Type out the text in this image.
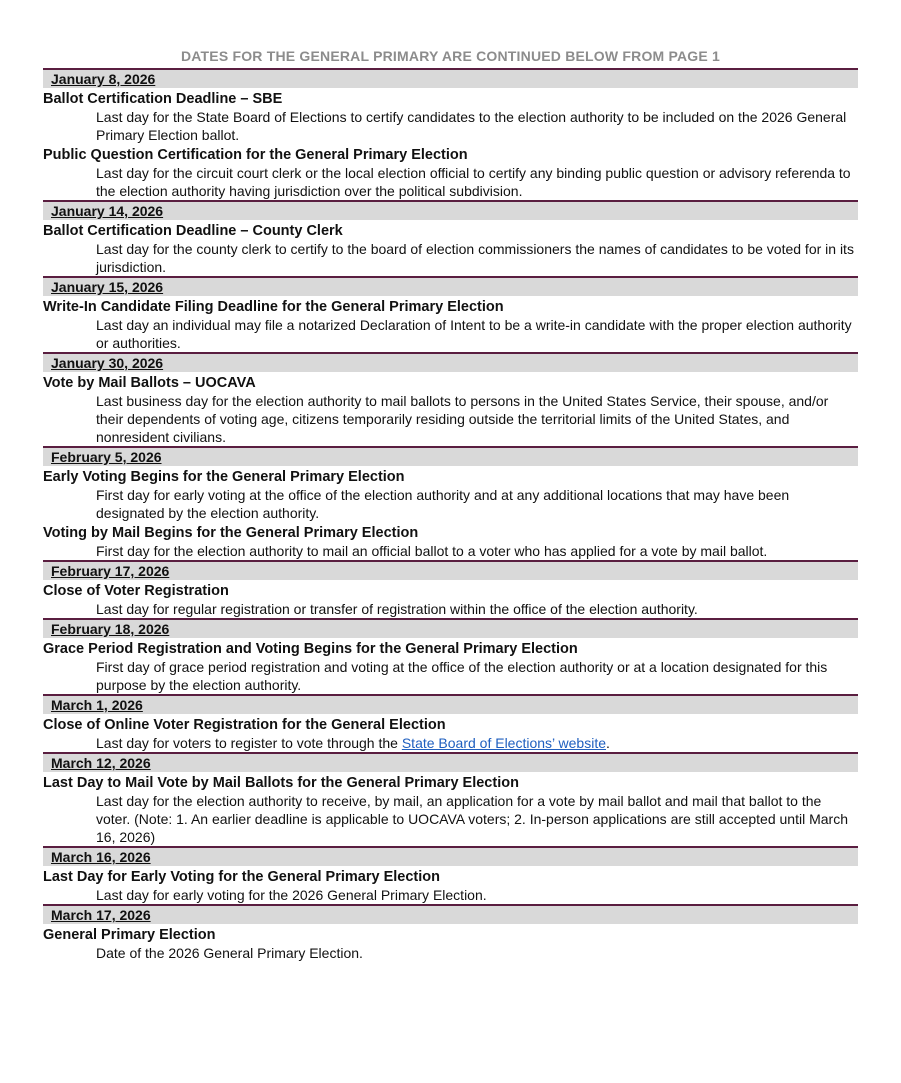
DATES FOR THE GENERAL PRIMARY ARE CONTINUED BELOW FROM PAGE 1
January 8, 2026
Ballot Certification Deadline – SBE
Last day for the State Board of Elections to certify candidates to the election authority to be included on the 2026 General Primary Election ballot.
Public Question Certification for the General Primary Election
Last day for the circuit court clerk or the local election official to certify any binding public question or advisory referenda to the election authority having jurisdiction over the political subdivision.
January 14, 2026
Ballot Certification Deadline – County Clerk
Last day for the county clerk to certify to the board of election commissioners the names of candidates to be voted for in its jurisdiction.
January 15, 2026
Write-In Candidate Filing Deadline for the General Primary Election
Last day an individual may file a notarized Declaration of Intent to be a write-in candidate with the proper election authority or authorities.
January 30, 2026
Vote by Mail Ballots – UOCAVA
Last business day for the election authority to mail ballots to persons in the United States Service, their spouse, and/or their dependents of voting age, citizens temporarily residing outside the territorial limits of the United States, and nonresident civilians.
February 5, 2026
Early Voting Begins for the General Primary Election
First day for early voting at the office of the election authority and at any additional locations that may have been designated by the election authority.
Voting by Mail Begins for the General Primary Election
First day for the election authority to mail an official ballot to a voter who has applied for a vote by mail ballot.
February 17, 2026
Close of Voter Registration
Last day for regular registration or transfer of registration within the office of the election authority.
February 18, 2026
Grace Period Registration and Voting Begins for the General Primary Election
First day of grace period registration and voting at the office of the election authority or at a location designated for this purpose by the election authority.
March 1, 2026
Close of Online Voter Registration for the General Election
Last day for voters to register to vote through the State Board of Elections’ website.
March 12, 2026
Last Day to Mail Vote by Mail Ballots for the General Primary Election
Last day for the election authority to receive, by mail, an application for a vote by mail ballot and mail that ballot to the voter. (Note: 1. An earlier deadline is applicable to UOCAVA voters; 2. In-person applications are still accepted until March 16, 2026)
March 16, 2026
Last Day for Early Voting for the General Primary Election
Last day for early voting for the 2026 General Primary Election.
March 17, 2026
General Primary Election
Date of the 2026 General Primary Election.
